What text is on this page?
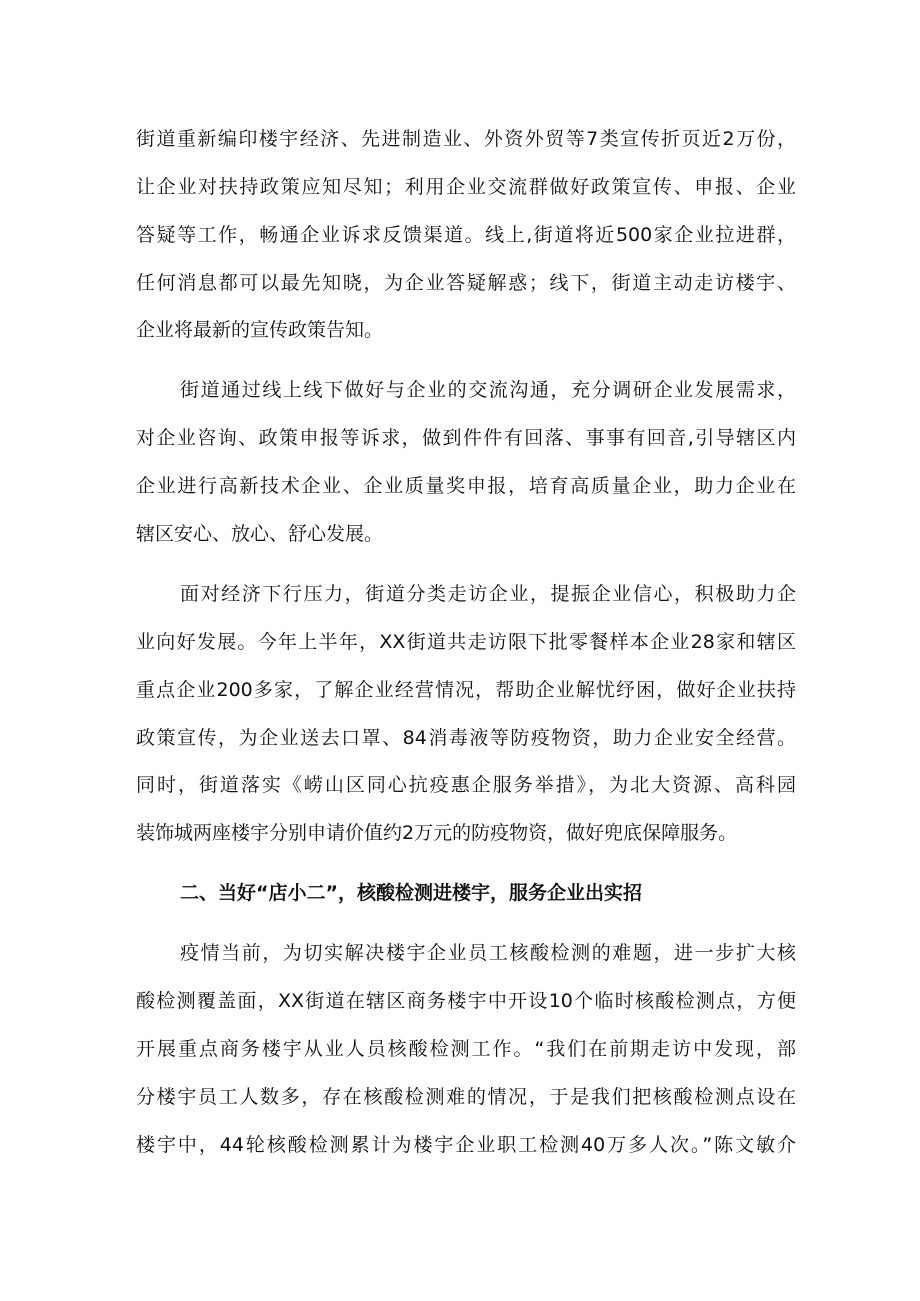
街道重新编印楼宇经济、先进制造业、外资外贸等7类宣传折页近2万份，
让企业对扶持政策应知尽知；利用企业交流群做好政策宣传、申报、企业
答疑等工作，畅通企业诉求反馈渠道。线上,街道将近500家企业拉进群，
任何消息都可以最先知晓，为企业答疑解惑；线下，街道主动走访楼宇、
企业将最新的宣传政策告知。
街道通过线上线下做好与企业的交流沟通，充分调研企业发展需求，
对企业咨询、政策申报等诉求，做到件件有回落、事事有回音,引导辖区内
企业进行高新技术企业、企业质量奖申报，培育高质量企业，助力企业在
辖区安心、放心、舒心发展。
面对经济下行压力，街道分类走访企业，提振企业信心，积极助力企
业向好发展。今年上半年，XX街道共走访限下批零餐样本企业28家和辖区
重点企业200多家，了解企业经营情况，帮助企业解忧纾困，做好企业扶持
政策宣传，为企业送去口罩、84消毒液等防疫物资，助力企业安全经营。
同时，街道落实《崂山区同心抗疫惠企服务举措》，为北大资源、高科园
装饰城两座楼宇分别申请价值约2万元的防疫物资，做好兜底保障服务。
二、当好“店小二”，核酸检测进楼宇，服务企业出实招
疫情当前，为切实解决楼宇企业员工核酸检测的难题，进一步扩大核
酸检测覆盖面，XX街道在辖区商务楼宇中开设10个临时核酸检测点，方便
开展重点商务楼宇从业人员核酸检测工作。“我们在前期走访中发现，部
分楼宇员工人数多，存在核酸检测难的情况，于是我们把核酸检测点设在
楼宇中，44轮核酸检测累计为楼宇企业职工检测40万多人次。”陈文敏介
